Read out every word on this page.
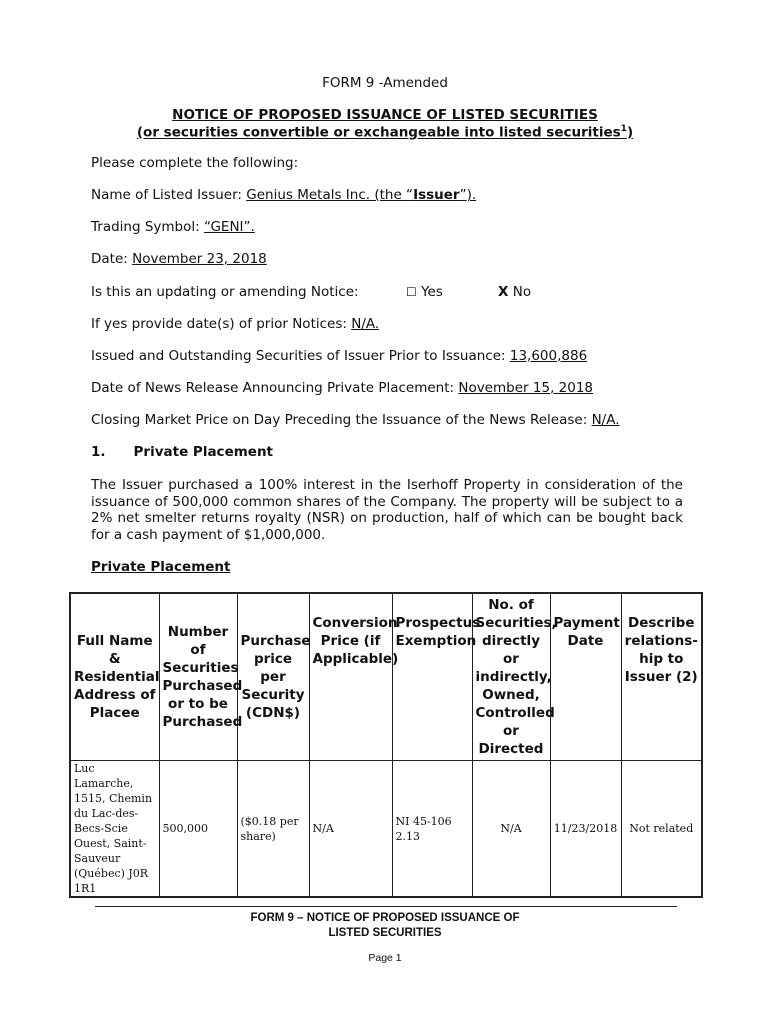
FORM 9 -Amended
NOTICE OF PROPOSED ISSUANCE OF LISTED SECURITIES
(or securities convertible or exchangeable into listed securities$^1$)
Please complete the following:
Name of Listed Issuer: Genius Metals Inc. (the “Issuer”).
Trading Symbol: “GENI”.
Date: November 23, 2018
Is this an updating or amending Notice:	☐ Yes	X No
If yes provide date(s) of prior Notices: N/A.
Issued and Outstanding Securities of Issuer Prior to Issuance: 13,600,886
Date of News Release Announcing Private Placement: November 15, 2018
Closing Market Price on Day Preceding the Issuance of the News Release: N/A.
1. Private Placement
The Issuer purchased a 100% interest in the Iserhoff Property in consideration of the issuance of 500,000 common shares of the Company. The property will be subject to a 2% net smelter returns royalty (NSR) on production, half of which can be bought back for a cash payment of $1,000,000.
Private Placement
Full Name & Residential Address of Placee	Number of Securities Purchased or to be Purchased	Purchase price per Security (CDN$)	Conversion Price (if Applicable)	Prospectus Exemption	No. of Securities, directly or indirectly, Owned, Controlled or Directed	Payment Date	Describe relations-hip to Issuer (2)
Luc Lamarche, 1515, Chemin du Lac-des-Becs-Scie Ouest, Saint-Sauveur (Québec) J0R 1R1	500,000	($0.18 per share)	N/A	NI 45-106 2.13	N/A	11/23/2018	Not related
FORM 9 – NOTICE OF PROPOSED ISSUANCE OF
LISTED SECURITIES
Page 1
